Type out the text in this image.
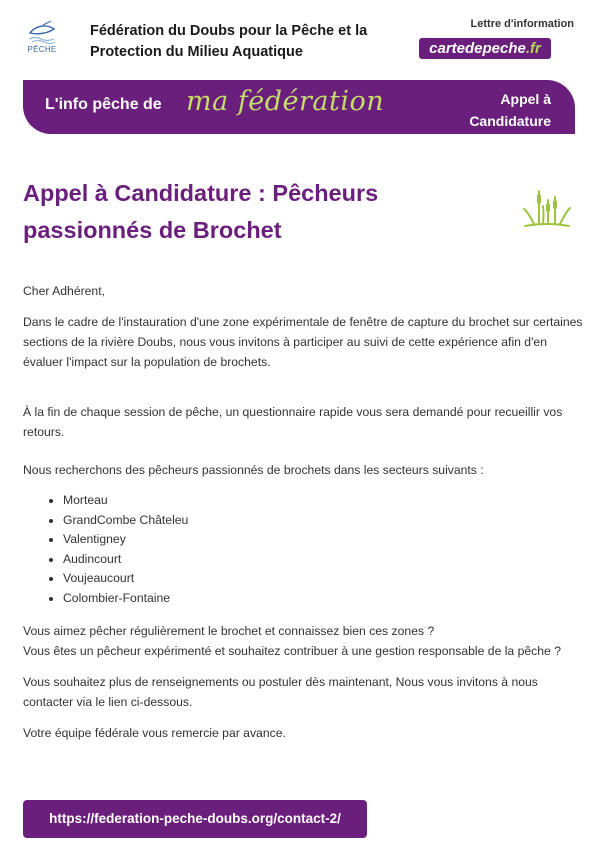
PÊCHE
Fédération du Doubs pour la Pêche et la Protection du Milieu Aquatique
Lettre d'information
cartedepeche.fr
L'info pêche de ma fédération	Appel à Candidature
Appel à Candidature : Pêcheurs passionnés de Brochet

Cher Adhérent,

Dans le cadre de l'instauration d'une zone expérimentale de fenêtre de capture du brochet sur certaines sections de la rivière Doubs, nous vous invitons à participer au suivi de cette expérience afin d'en évaluer l'impact sur la population de brochets.

À la fin de chaque session de pêche, un questionnaire rapide vous sera demandé pour recueillir vos retours.

Nous recherchons des pêcheurs passionnés de brochets dans les secteurs suivants :

• Morteau
• GrandCombe Châteleu
• Valentigney
• Audincourt
• Voujeaucourt
• Colombier-Fontaine

Vous aimez pêcher régulièrement le brochet et connaissez bien ces zones ?

Vous êtes un pêcheur expérimenté et souhaitez contribuer à une gestion responsable de la pêche ?

Vous souhaitez plus de renseignements ou postuler dès maintenant, Nous vous invitons à nous contacter via le lien ci-dessous.

Votre équipe fédérale vous remercie par avance.

https://federation-peche-doubs.org/contact-2/
